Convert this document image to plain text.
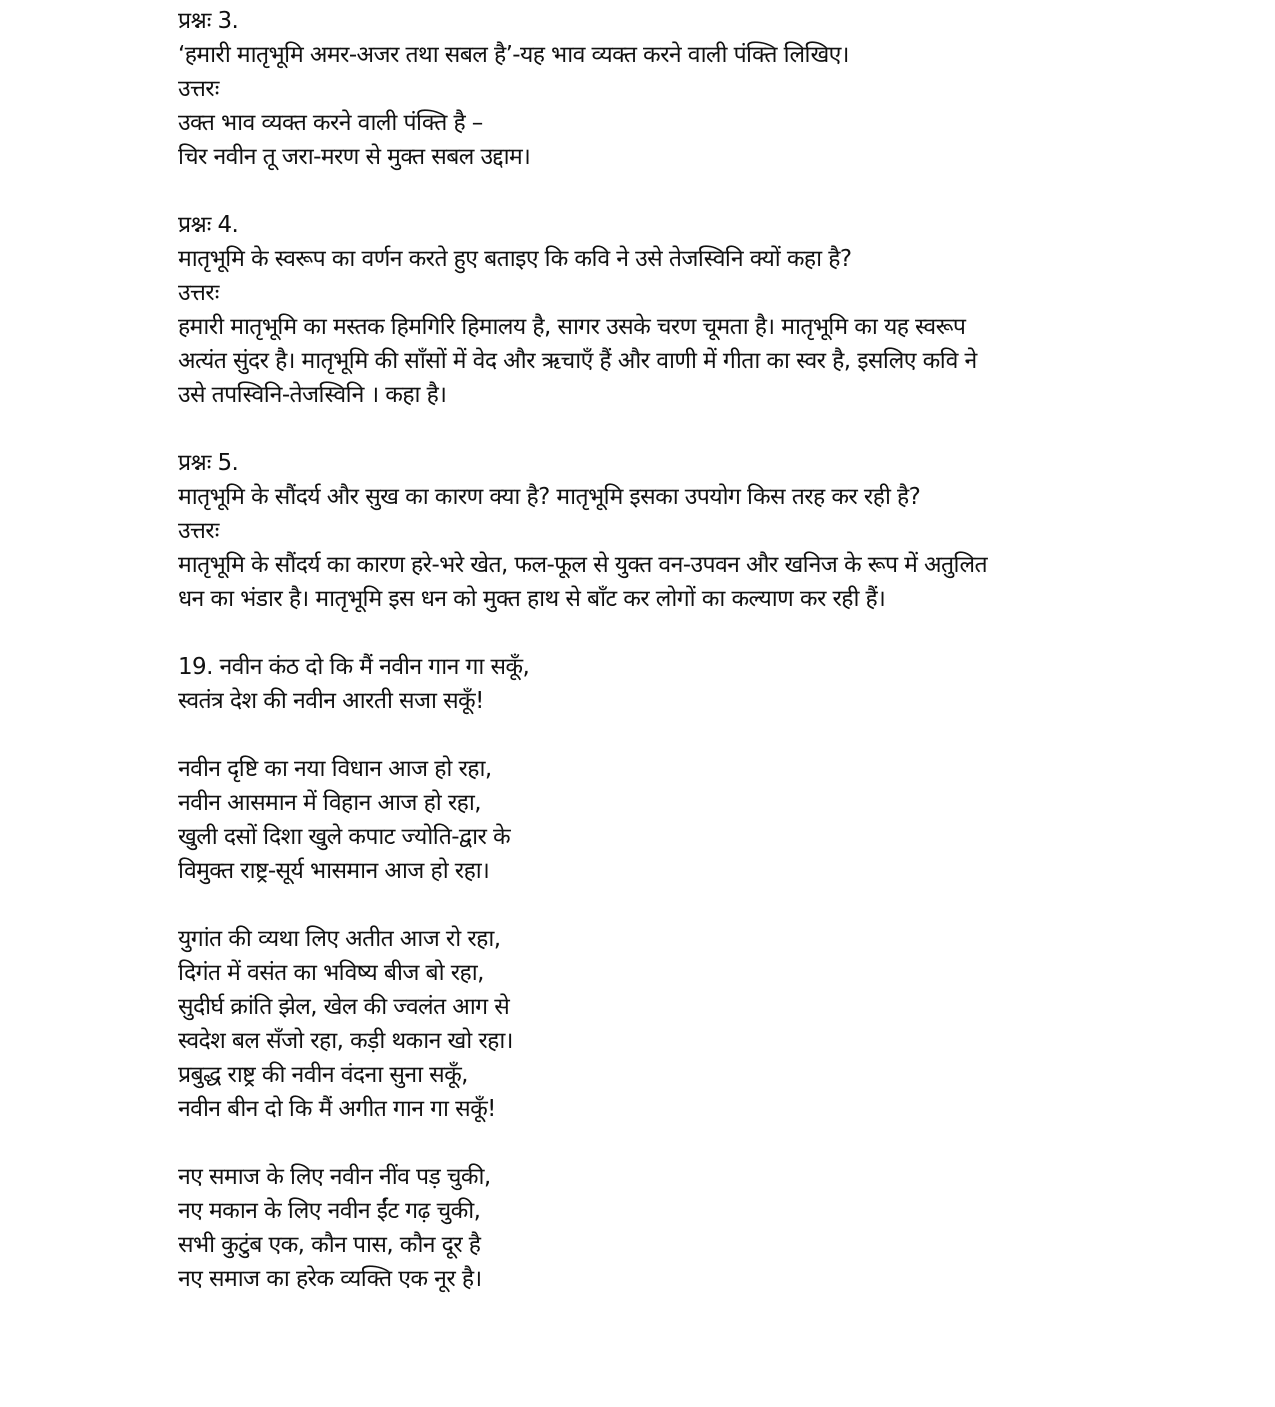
प्रश्नः 3.
‘हमारी मातृभूमि अमर-अजर तथा सबल है’-यह भाव व्यक्त करने वाली पंक्ति लिखिए।
उत्तरः
उक्त भाव व्यक्त करने वाली पंक्ति है –
चिर नवीन तू जरा-मरण से मुक्त सबल उद्दाम।
प्रश्नः 4.
मातृभूमि के स्वरूप का वर्णन करते हुए बताइए कि कवि ने उसे तेजस्विनि क्यों कहा है?
उत्तरः
हमारी मातृभूमि का मस्तक हिमगिरि हिमालय है, सागर उसके चरण चूमता है। मातृभूमि का यह स्वरूप
अत्यंत सुंदर है। मातृभूमि की साँसों में वेद और ऋचाएँ हैं और वाणी में गीता का स्वर है, इसलिए कवि ने
उसे तपस्विनि-तेजस्विनि । कहा है।
प्रश्नः 5.
मातृभूमि के सौंदर्य और सुख का कारण क्या है? मातृभूमि इसका उपयोग किस तरह कर रही है?
उत्तरः
मातृभूमि के सौंदर्य का कारण हरे-भरे खेत, फल-फूल से युक्त वन-उपवन और खनिज के रूप में अतुलित
धन का भंडार है। मातृभूमि इस धन को मुक्त हाथ से बाँट कर लोगों का कल्याण कर रही हैं।
19. नवीन कंठ दो कि मैं नवीन गान गा सकूँ,
स्वतंत्र देश की नवीन आरती सजा सकूँ!
नवीन दृष्टि का नया विधान आज हो रहा,
नवीन आसमान में विहान आज हो रहा,
खुली दसों दिशा खुले कपाट ज्योति-द्वार के
विमुक्त राष्ट्र-सूर्य भासमान आज हो रहा।
युगांत की व्यथा लिए अतीत आज रो रहा,
दिगंत में वसंत का भविष्य बीज बो रहा,
सुदीर्घ क्रांति झेल, खेल की ज्वलंत आग से
स्वदेश बल सँजो रहा, कड़ी थकान खो रहा।
प्रबुद्ध राष्ट्र की नवीन वंदना सुना सकूँ,
नवीन बीन दो कि मैं अगीत गान गा सकूँ!
नए समाज के लिए नवीन नींव पड़ चुकी,
नए मकान के लिए नवीन ईंट गढ़ चुकी,
सभी कुटुंब एक, कौन पास, कौन दूर है
नए समाज का हरेक व्यक्ति एक नूर है।
